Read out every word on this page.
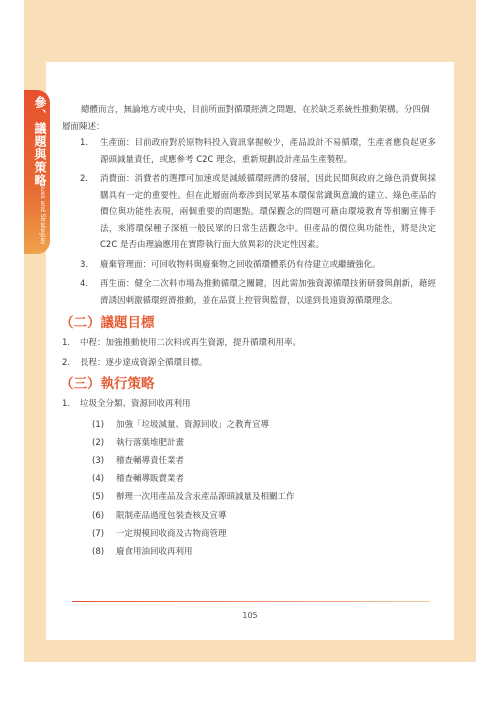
參、議題與策略
Issues and Strategies

總體而言，無論地方或中央，目前所面對循環經濟之問題，在於缺乏系統性推動架構。分四個層面陳述：

1.	生產面：目前政府對於原物料投入資訊掌握較少，產品設計不易循環，生產者應負起更多源頭減量責任，或應參考 C2C 理念，重新規劃設計產品生產製程。
2.	消費面：消費者的選擇可加速或是減緩循環經濟的發展，因此民間與政府之綠色消費與採購具有一定的重要性。但在此層面尚牽涉到民眾基本環保常識與意識的建立、綠色產品的價位與功能性表現，兩個重要的問題點。環保觀念的問題可藉由環境教育等相關宣傳手法，來將環保種子深植一般民眾的日常生活觀念中。但產品的價位與功能性，將是決定 C2C 是否由理論應用在實際執行面大放異彩的決定性因素。
3.	廢棄管理面：可回收物料與廢棄物之回收循環體系仍有待建立或繼續強化。
4.	再生面：健全二次料市場為推動循環之關鍵，因此需加強資源循環技術研發與創新，藉經濟誘因刺激循環經濟推動，並在品質上控管與監督，以達到長遠資源循環理念。
（二）議題目標
1.	中程：加強推動使用二次料或再生資源，提升循環利用率。
2.	長程：逐步達成資源全循環目標。
（三）執行策略
1.	垃圾全分類、資源回收再利用
(1)	加強「垃圾減量、資源回收」之教育宣導
(2)	執行落葉堆肥計畫
(3)	稽查輔導責任業者
(4)	稽查輔導販賣業者
(5)	辦理一次用產品及含汞產品源頭減量及相關工作
(6)	限制產品過度包裝查核及宣導
(7)	一定規模回收商及古物商管理
(8)	廢食用油回收再利用
105
